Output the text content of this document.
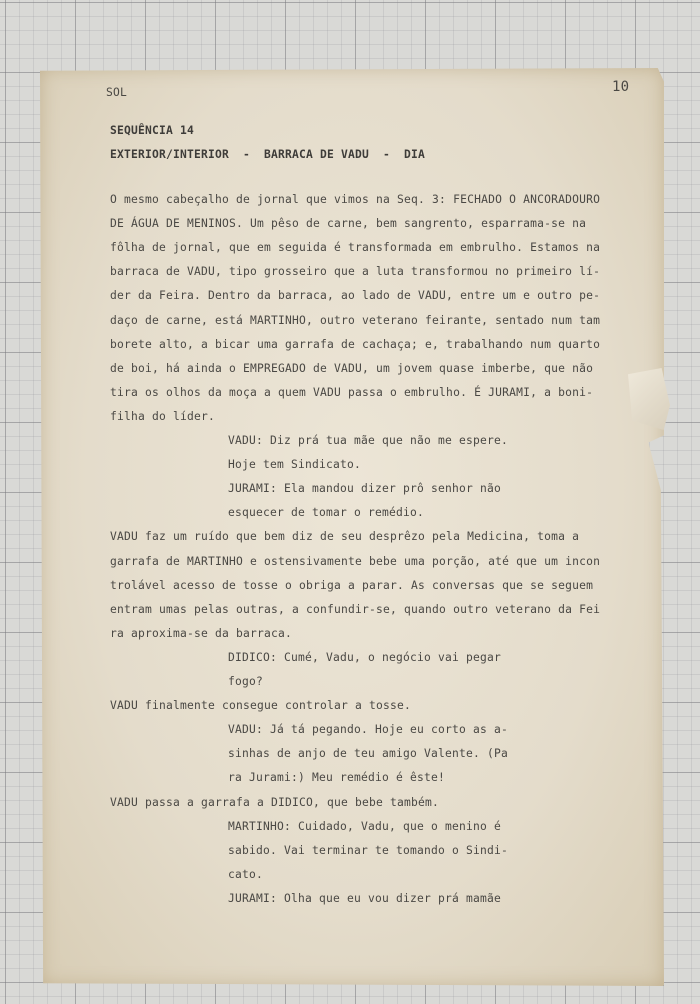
SOL	10
SEQUÊNCIA 14
EXTERIOR/INTERIOR  -  BARRACA DE VADU  -  DIA
O mesmo cabeçalho de jornal que vimos na Seq. 3: FECHADO O ANCORADOURO
DE ÁGUA DE MENINOS. Um pêso de carne, bem sangrento, esparrama-se na
fôlha de jornal, que em seguida é transformada em embrulho. Estamos na
barraca de VADU, tipo grosseiro que a luta transformou no primeiro lí-
der da Feira. Dentro da barraca, ao lado de VADU, entre um e outro pe-
daço de carne, está MARTINHO, outro veterano feirante, sentado num tam
borete alto, a bicar uma garrafa de cachaça; e, trabalhando num quarto
de boi, há ainda o EMPREGADO de VADU, um jovem quase imberbe, que não
tira os olhos da moça a quem VADU passa o embrulho. É JURAMI, a boni-
filha do líder.
VADU: Diz prá tua mãe que não me espere.
Hoje tem Sindicato.
JURAMI: Ela mandou dizer prô senhor não
esquecer de tomar o remédio.
VADU faz um ruído que bem diz de seu desprêzo pela Medicina, toma a
garrafa de MARTINHO e ostensivamente bebe uma porção, até que um incon
trolável acesso de tosse o obriga a parar. As conversas que se seguem
entram umas pelas outras, a confundir-se, quando outro veterano da Fei
ra aproxima-se da barraca.
DIDICO: Cumé, Vadu, o negócio vai pegar
fogo?
VADU finalmente consegue controlar a tosse.
VADU: Já tá pegando. Hoje eu corto as a-
sinhas de anjo de teu amigo Valente. (Pa
ra Jurami:) Meu remédio é êste!
VADU passa a garrafa a DIDICO, que bebe também.
MARTINHO: Cuidado, Vadu, que o menino é
sabido. Vai terminar te tomando o Sindi-
cato.
JURAMI: Olha que eu vou dizer prá mamãe
